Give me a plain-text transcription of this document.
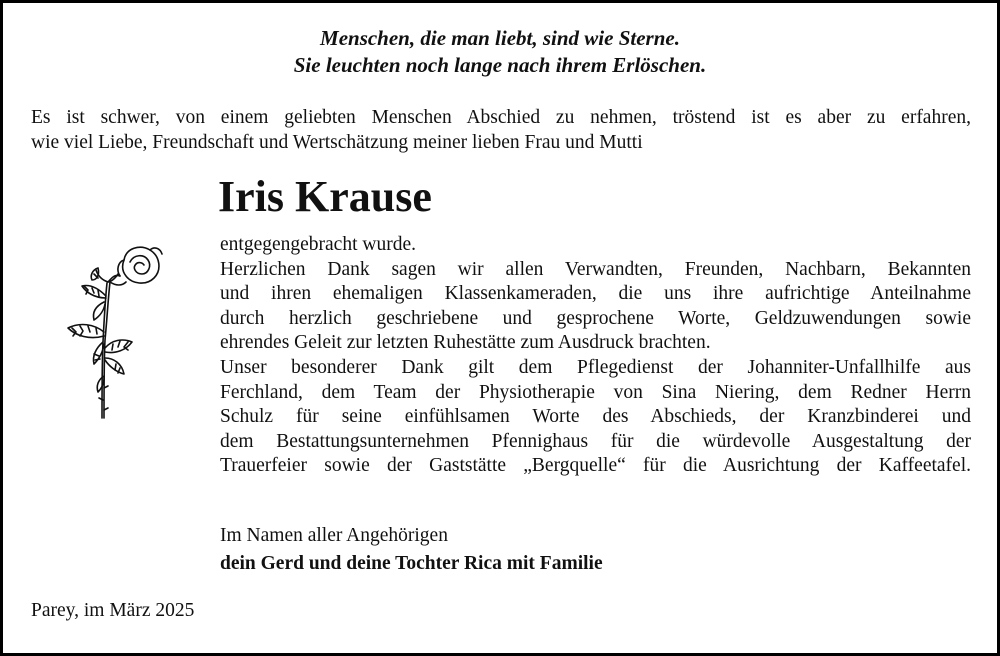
Menschen, die man liebt, sind wie Sterne.
Sie leuchten noch lange nach ihrem Erlöschen.
Es ist schwer, von einem geliebten Menschen Abschied zu nehmen, tröstend ist es aber zu erfahren,
wie viel Liebe, Freundschaft und Wertschätzung meiner lieben Frau und Mutti
Iris Krause
entgegengebracht wurde.
Herzlichen Dank sagen wir allen Verwandten, Freunden, Nachbarn, Bekannten
und ihren ehemaligen Klassenkameraden, die uns ihre aufrichtige Anteilnahme
durch herzlich geschriebene und gesprochene Worte, Geldzuwendungen sowie
ehrendes Geleit zur letzten Ruhestätte zum Ausdruck brachten.
Unser besonderer Dank gilt dem Pflegedienst der Johanniter-Unfallhilfe aus
Ferchland, dem Team der Physiotherapie von Sina Niering, dem Redner Herrn
Schulz für seine einfühlsamen Worte des Abschieds, der Kranzbinderei und
dem Bestattungsunternehmen Pfennighaus für die würdevolle Ausgestaltung der
Trauerfeier sowie der Gaststätte „Bergquelle“ für die Ausrichtung der Kaffeetafel.
Im Namen aller Angehörigen
dein Gerd und deine Tochter Rica mit Familie
Parey, im März 2025
